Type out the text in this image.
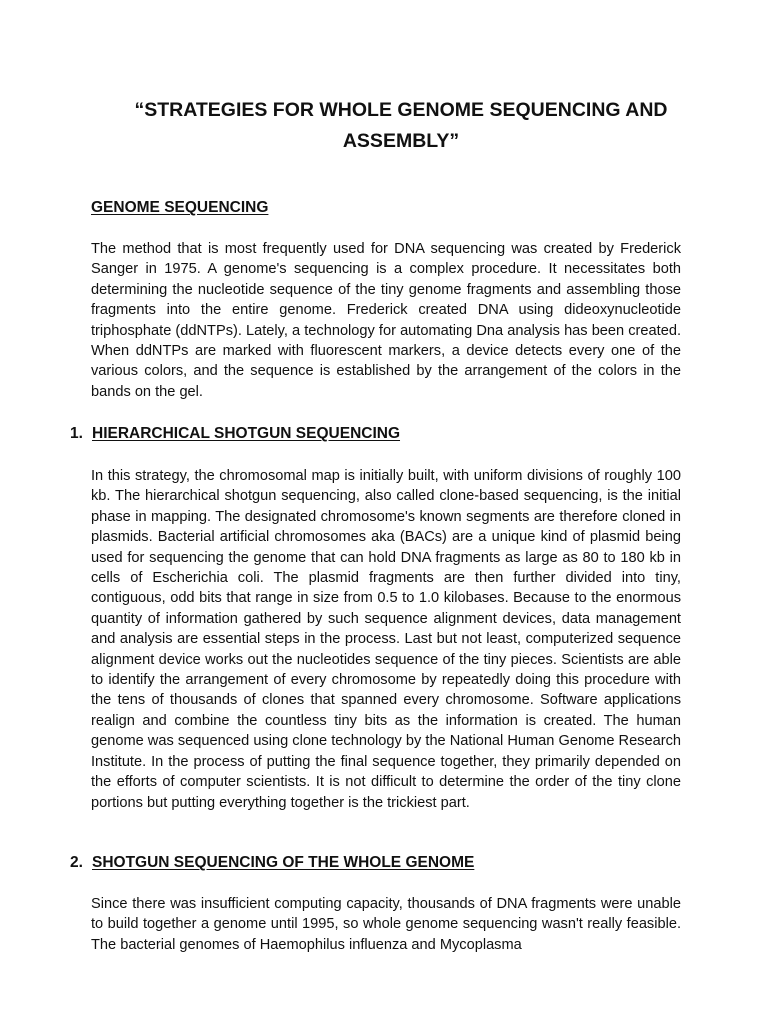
“STRATEGIES FOR WHOLE GENOME SEQUENCING AND ASSEMBLY”
GENOME SEQUENCING

The method that is most frequently used for DNA sequencing was created by Frederick Sanger in 1975. A genome's sequencing is a complex procedure. It necessitates both determining the nucleotide sequence of the tiny genome fragments and assembling those fragments into the entire genome. Frederick created DNA using dideoxynucleotide triphosphate (ddNTPs). Lately, a technology for automating Dna analysis has been created. When ddNTPs are marked with fluorescent markers, a device detects every one of the various colors, and the sequence is established by the arrangement of the colors in the bands on the gel.

1. HIERARCHICAL SHOTGUN SEQUENCING

In this strategy, the chromosomal map is initially built, with uniform divisions of roughly 100 kb. The hierarchical shotgun sequencing, also called clone-based sequencing, is the initial phase in mapping. The designated chromosome's known segments are therefore cloned in plasmids. Bacterial artificial chromosomes aka (BACs) are a unique kind of plasmid being used for sequencing the genome that can hold DNA fragments as large as 80 to 180 kb in cells of Escherichia coli. The plasmid fragments are then further divided into tiny, contiguous, odd bits that range in size from 0.5 to 1.0 kilobases. Because to the enormous quantity of information gathered by such sequence alignment devices, data management and analysis are essential steps in the process. Last but not least, computerized sequence alignment device works out the nucleotides sequence of the tiny pieces. Scientists are able to identify the arrangement of every chromosome by repeatedly doing this procedure with the tens of thousands of clones that spanned every chromosome. Software applications realign and combine the countless tiny bits as the information is created. The human genome was sequenced using clone technology by the National Human Genome Research Institute. In the process of putting the final sequence together, they primarily depended on the efforts of computer scientists. It is not difficult to determine the order of the tiny clone portions but putting everything together is the trickiest part.

2. SHOTGUN SEQUENCING OF THE WHOLE GENOME

Since there was insufficient computing capacity, thousands of DNA fragments were unable to build together a genome until 1995, so whole genome sequencing wasn't really feasible. The bacterial genomes of Haemophilus influenza and Mycoplasma
